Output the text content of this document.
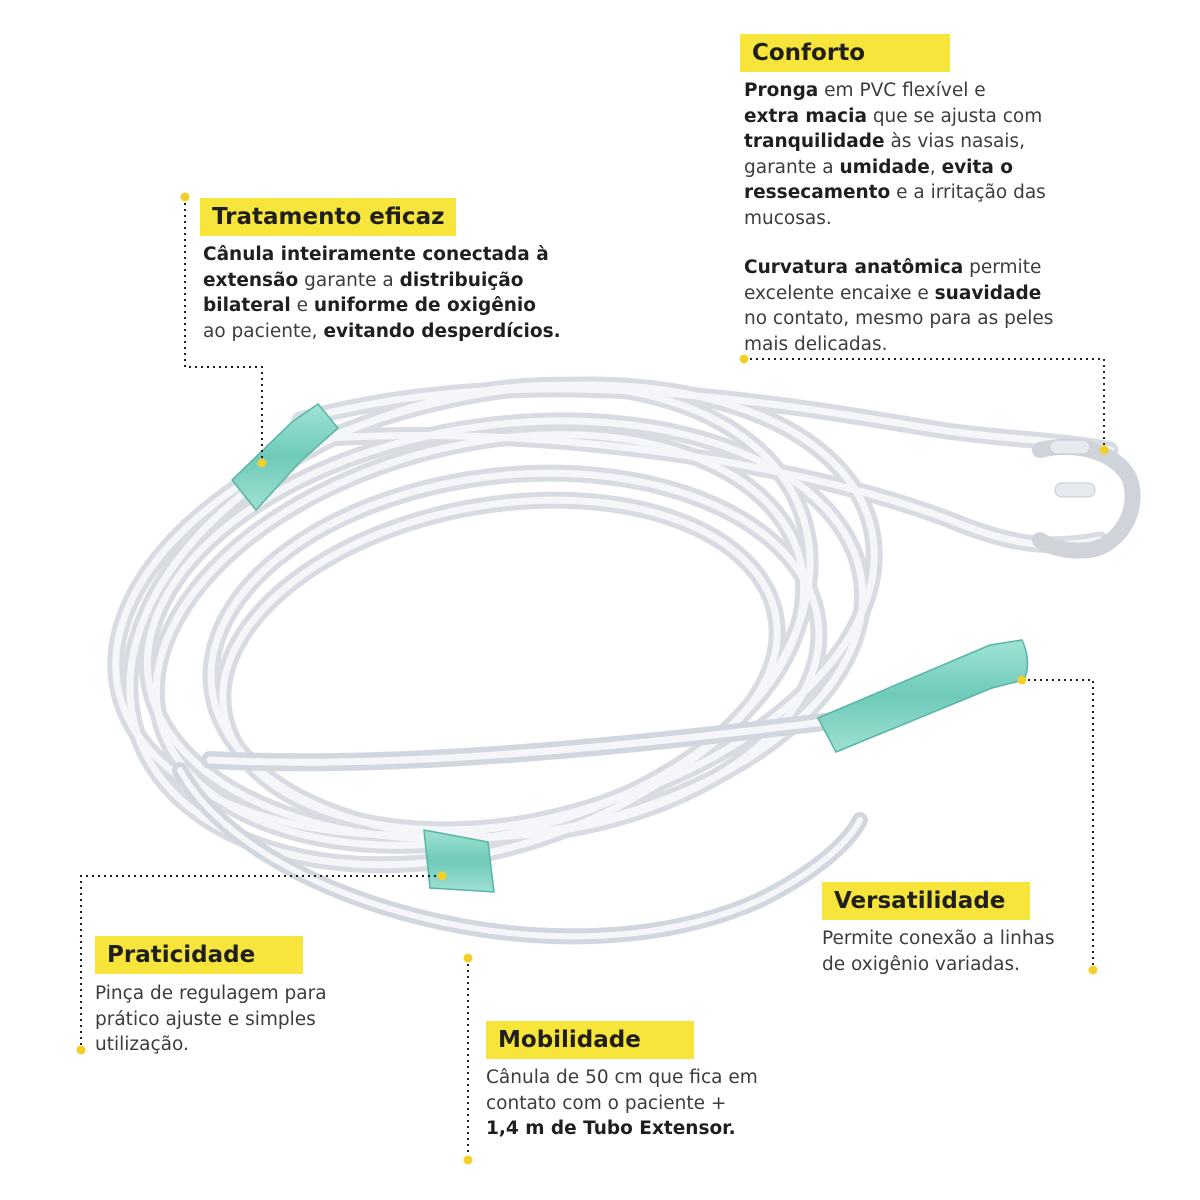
Tratamento eficaz
Cânula inteiramente conectada à
extensão garante a distribuição
bilateral e uniforme de oxigênio
ao paciente, evitando desperdícios.
Conforto
Pronga em PVC flexível e
extra macia que se ajusta com
tranquilidade às vias nasais,
garante a umidade, evita o
ressecamento e a irritação das
mucosas.
Curvatura anatômica permite
excelente encaixe e suavidade
no contato, mesmo para as peles
mais delicadas.
Versatilidade
Permite conexão a linhas
de oxigênio variadas.
Praticidade
Pinça de regulagem para
prático ajuste e simples
utilização.	Mobilidade
Cânula de 50 cm que fica em
contato com o paciente +
1,4 m de Tubo Extensor.
